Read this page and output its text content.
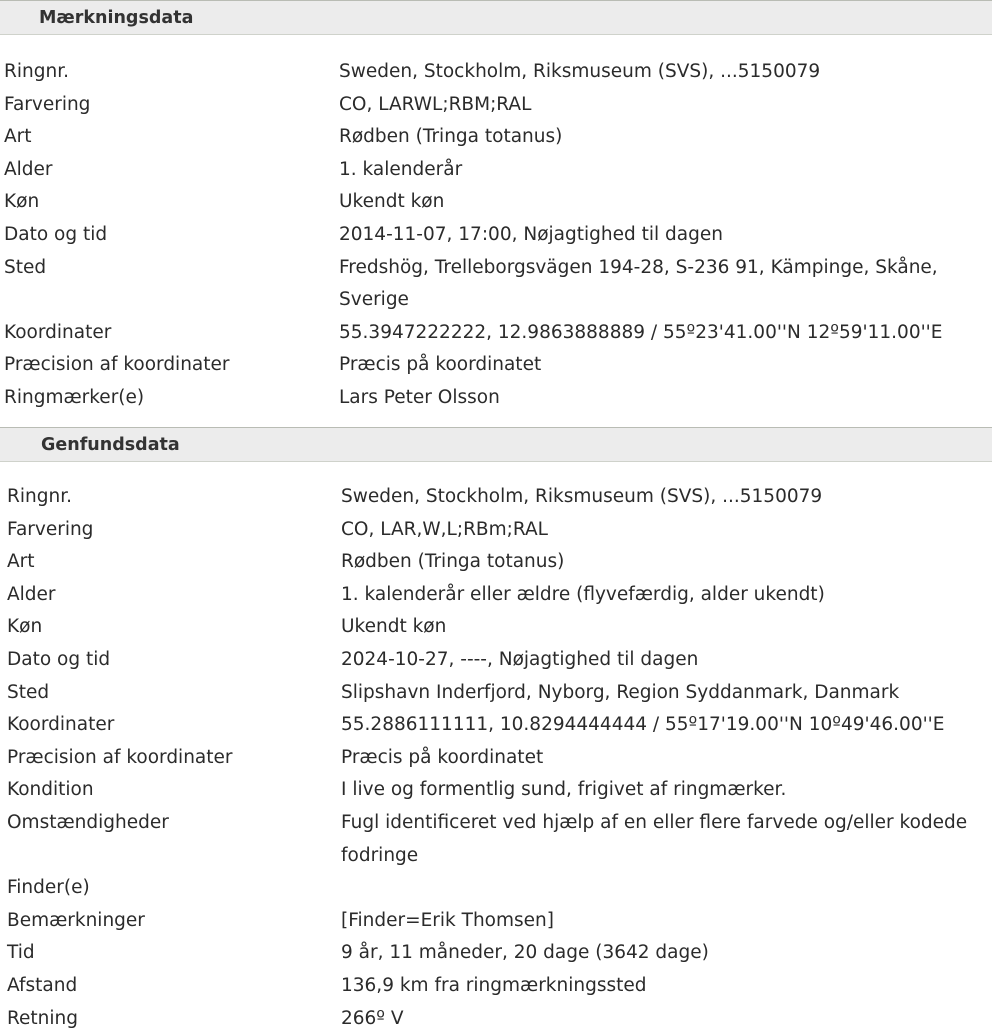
Mærkningsdata
Ringnr.	Sweden, Stockholm, Riksmuseum (SVS), ...5150079
Farvering	CO, LARWL;RBM;RAL
Art	Rødben (Tringa totanus)
Alder	1. kalenderår
Køn	Ukendt køn
Dato og tid	2014-11-07, 17:00, Nøjagtighed til dagen
Sted	Fredshög, Trelleborgsvägen 194-28, S-236 91, Kämpinge, Skåne, Sverige
Koordinater	55.3947222222, 12.9863888889 / 55º23'41.00''N 12º59'11.00''E
Præcision af koordinater	Præcis på koordinatet
Ringmærker(e)	Lars Peter Olsson
Genfundsdata
Ringnr.	Sweden, Stockholm, Riksmuseum (SVS), ...5150079
Farvering	CO, LAR,W,L;RBm;RAL
Art	Rødben (Tringa totanus)
Alder	1. kalenderår eller ældre (flyvefærdig, alder ukendt)
Køn	Ukendt køn
Dato og tid	2024-10-27, ----, Nøjagtighed til dagen
Sted	Slipshavn Inderfjord, Nyborg, Region Syddanmark, Danmark
Koordinater	55.2886111111, 10.8294444444 / 55º17'19.00''N 10º49'46.00''E
Præcision af koordinater	Præcis på koordinatet
Kondition	I live og formentlig sund, frigivet af ringmærker.
Omstændigheder	Fugl identificeret ved hjælp af en eller flere farvede og/eller kodede fodringe
Finder(e)
Bemærkninger	[Finder=Erik Thomsen]
Tid	9 år, 11 måneder, 20 dage (3642 dage)
Afstand	136,9 km fra ringmærkningssted
Retning	266º V
